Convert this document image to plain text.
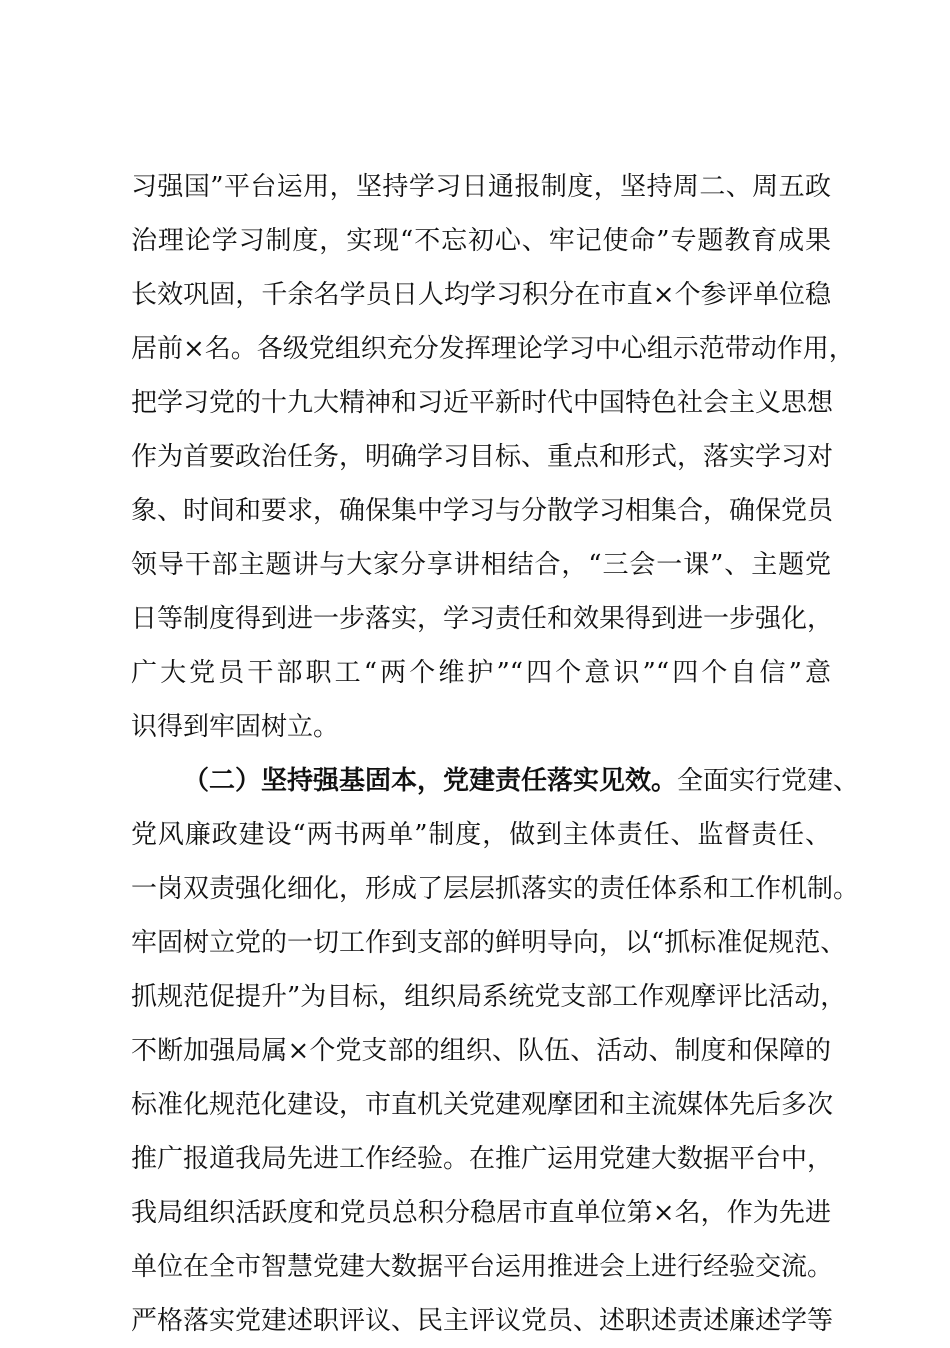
习强国”平台运用，坚持学习日通报制度，坚持周二、周五政
治理论学习制度，实现“不忘初心、牢记使命”专题教育成果
长效巩固，千余名学员日人均学习积分在市直×个参评单位稳
居前×名。各级党组织充分发挥理论学习中心组示范带动作用，
把学习党的十九大精神和习近平新时代中国特色社会主义思想
作为首要政治任务，明确学习目标、重点和形式，落实学习对
象、时间和要求，确保集中学习与分散学习相集合，确保党员
领导干部主题讲与大家分享讲相结合，“三会一课”、主题党
日等制度得到进一步落实，学习责任和效果得到进一步强化，
广大党员干部职工“两个维护”“四个意识”“四个自信”意
识得到牢固树立。
（二）坚持强基固本，党建责任落实见效。全面实行党建、
党风廉政建设“两书两单”制度，做到主体责任、监督责任、
一岗双责强化细化，形成了层层抓落实的责任体系和工作机制。
牢固树立党的一切工作到支部的鲜明导向，以“抓标准促规范、
抓规范促提升”为目标，组织局系统党支部工作观摩评比活动，
不断加强局属×个党支部的组织、队伍、活动、制度和保障的
标准化规范化建设，市直机关党建观摩团和主流媒体先后多次
推广报道我局先进工作经验。在推广运用党建大数据平台中，
我局组织活跃度和党员总积分稳居市直单位第×名，作为先进
单位在全市智慧党建大数据平台运用推进会上进行经验交流。
严格落实党建述职评议、民主评议党员、述职述责述廉述学等
